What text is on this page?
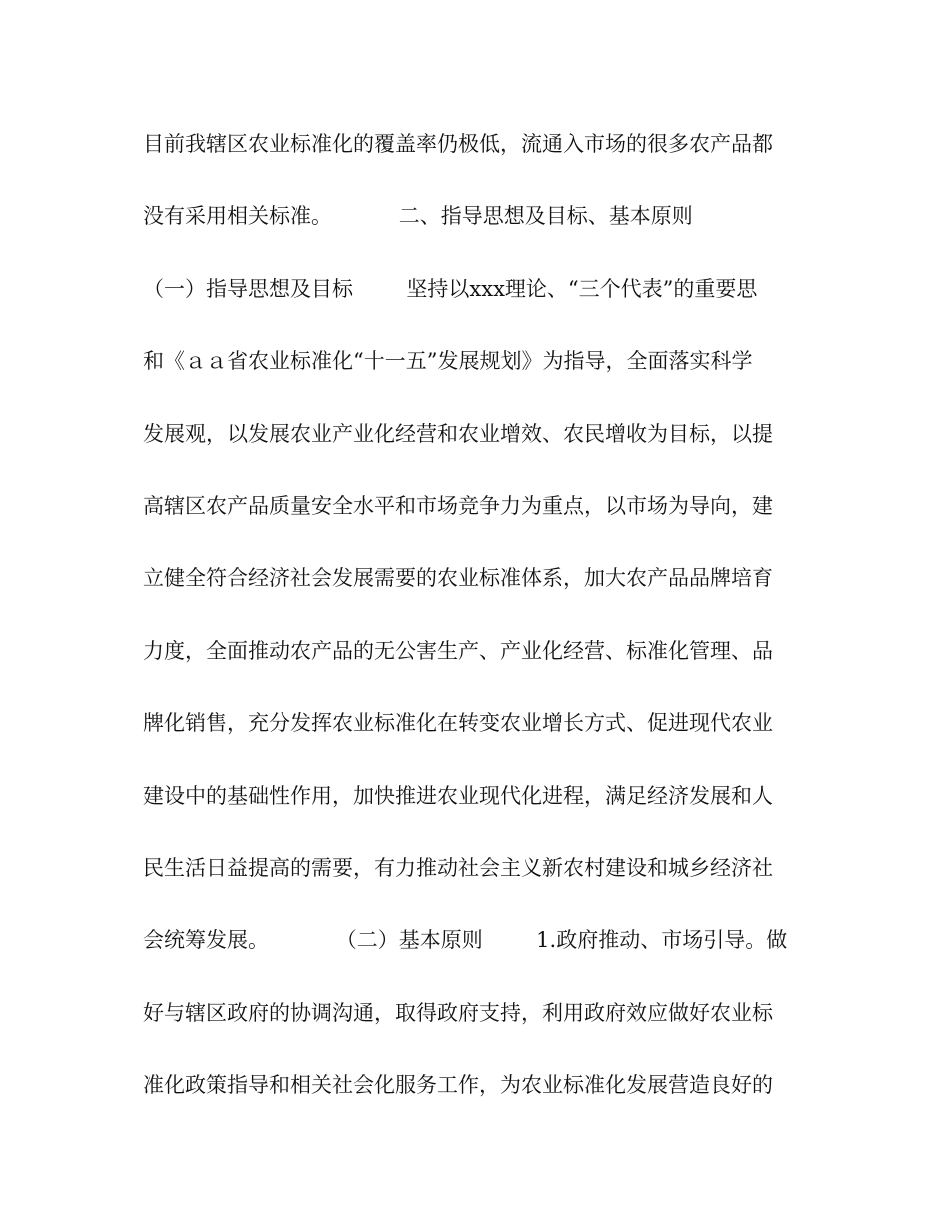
目前我辖区农业标准化的覆盖率仍极低，流通入市场的很多农产品都
没有采用相关标准。          二、指导思想及目标、基本原则
（一）指导思想及目标        坚持以xxx理论、“三个代表”的重要思
和《ａａ省农业标准化“十一五”发展规划》为指导，全面落实科学
发展观，以发展农业产业化经营和农业增效、农民增收为目标，以提
高辖区农产品质量安全水平和市场竞争力为重点，以市场为导向，建
立健全符合经济社会发展需要的农业标准体系，加大农产品品牌培育
力度，全面推动农产品的无公害生产、产业化经营、标准化管理、品
牌化销售，充分发挥农业标准化在转变农业增长方式、促进现代农业
建设中的基础性作用，加快推进农业现代化进程，满足经济发展和人
民生活日益提高的需要，有力推动社会主义新农村建设和城乡经济社
会统筹发展。          （二）基本原则        1.政府推动、市场引导。做
好与辖区政府的协调沟通，取得政府支持，利用政府效应做好农业标
准化政策指导和相关社会化服务工作，为农业标准化发展营造良好的
